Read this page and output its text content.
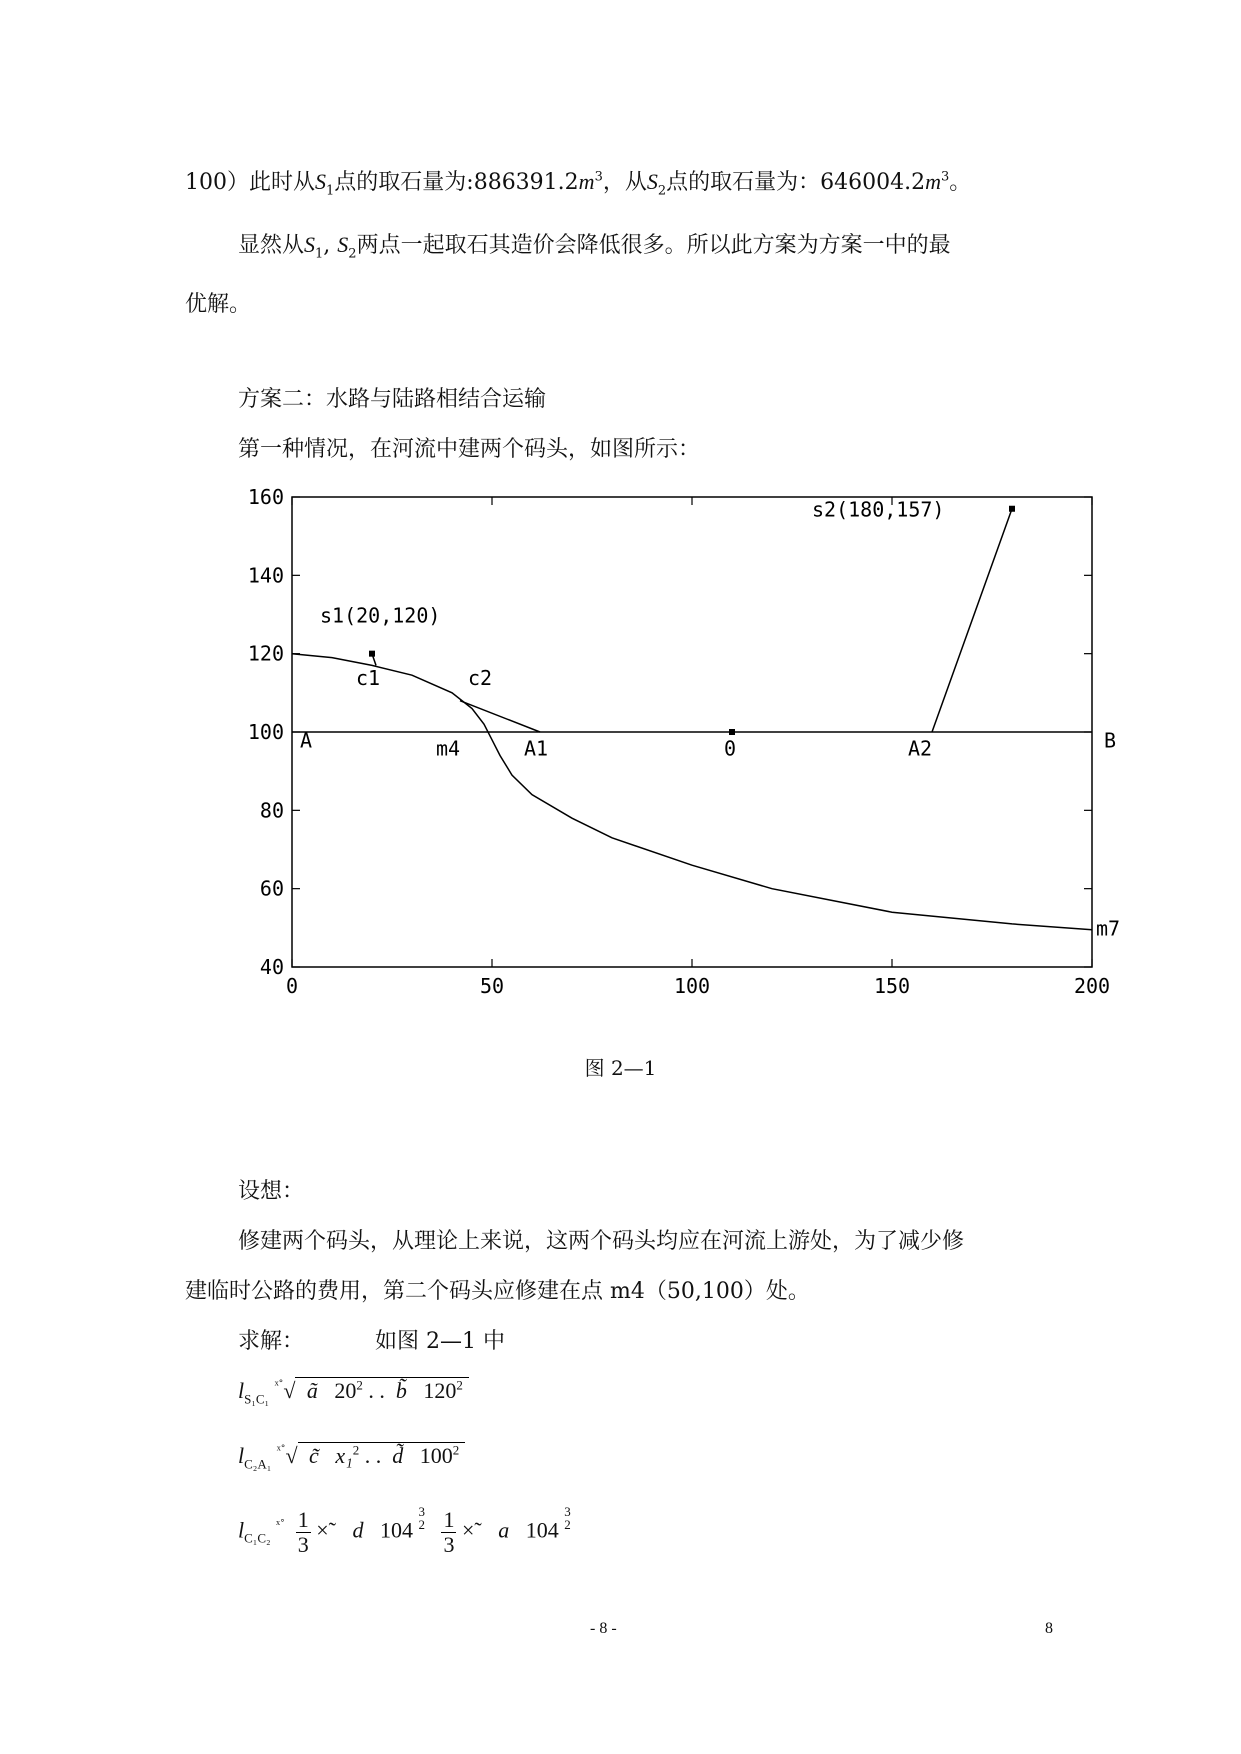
100）此时从$S_1$点的取石量为$:886391.2m^3$，从$S_2$点的取石量为：$646004.2m^3$。
显然从$S_1$, $S_2$两点一起取石其造价会降低很多。所以此方案为方案一中的最
优解。
方案二：水路与陆路相结合运输
第一种情况，在河流中建两个码头，如图所示：
0	50	100	150	200
40
60
80
100
120
140
160
s1(20,120)
s2(180,157)
c1	c2
A	m4	A1	0	A2	B
m7
图 2—1
设想：
修建两个码头，从理论上来说，这两个码头均应在河流上游处，为了减少修
建临时公路的费用，第二个码头应修建在点 m4（50,100）处。
求解：	如图 2—1 中
$l_{S_1C_1}$ $^{ˣ˚}$√ ã $20^2$ . .  b̃ $120^2$
$l_{C_2A_1}$ $^{ˣ˚}$√ c̃ x₁$^2$ . .  d̃ $100^2$
$l_{C_1C_2}$ $^{ˣ˚} \frac{1}{3}$ ×˜ d 104 3
$2 \frac{1}{3}$ ×˜ a 104 3
2
- 8 -	8
